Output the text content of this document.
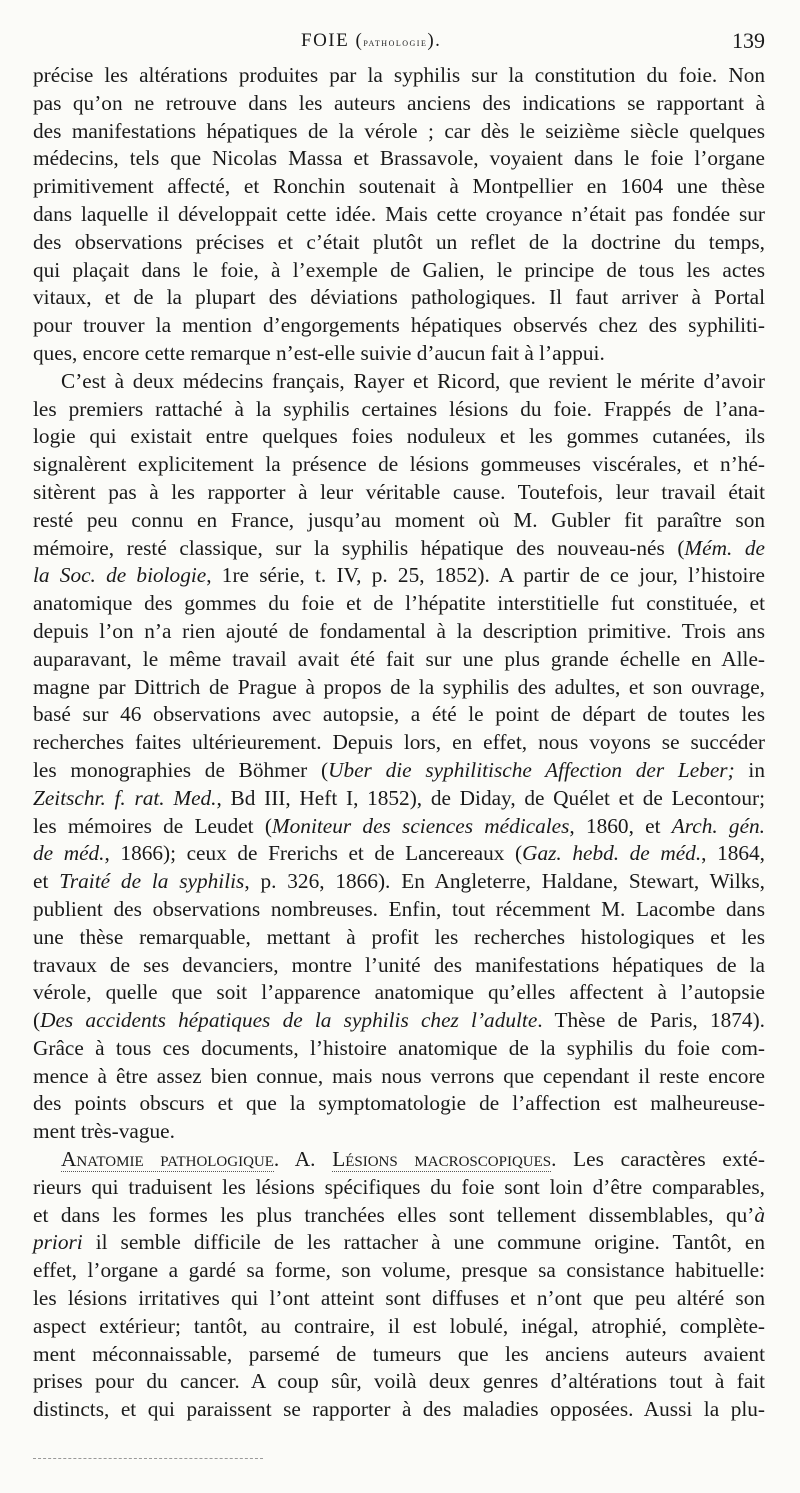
FOIE (pathologie).	139
précise les altérations produites par la syphilis sur la constitution du foie. Non
pas qu’on ne retrouve dans les auteurs anciens des indications se rapportant à
des manifestations hépatiques de la vérole ; car dès le seizième siècle quelques
médecins, tels que Nicolas Massa et Brassavole, voyaient dans le foie l’organe
primitivement affecté, et Ronchin soutenait à Montpellier en 1604 une thèse
dans laquelle il développait cette idée. Mais cette croyance n’était pas fondée sur
des observations précises et c’était plutôt un reflet de la doctrine du temps,
qui plaçait dans le foie, à l’exemple de Galien, le principe de tous les actes
vitaux, et de la plupart des déviations pathologiques. Il faut arriver à Portal
pour trouver la mention d’engorgements hépatiques observés chez des syphiliti-
ques, encore cette remarque n’est-elle suivie d’aucun fait à l’appui.
C’est à deux médecins français, Rayer et Ricord, que revient le mérite d’avoir
les premiers rattaché à la syphilis certaines lésions du foie. Frappés de l’ana-
logie qui existait entre quelques foies noduleux et les gommes cutanées, ils
signalèrent explicitement la présence de lésions gommeuses viscérales, et n’hé-
sitèrent pas à les rapporter à leur véritable cause. Toutefois, leur travail était
resté peu connu en France, jusqu’au moment où M. Gubler fit paraître son
mémoire, resté classique, sur la syphilis hépatique des nouveau-nés (Mém. de
la Soc. de biologie, 1re série, t. IV, p. 25, 1852). A partir de ce jour, l’histoire
anatomique des gommes du foie et de l’hépatite interstitielle fut constituée, et
depuis l’on n’a rien ajouté de fondamental à la description primitive. Trois ans
auparavant, le même travail avait été fait sur une plus grande échelle en Alle-
magne par Dittrich de Prague à propos de la syphilis des adultes, et son ouvrage,
basé sur 46 observations avec autopsie, a été le point de départ de toutes les
recherches faites ultérieurement. Depuis lors, en effet, nous voyons se succéder
les monographies de Böhmer (Uber die syphilitische Affection der Leber; in
Zeitschr. f. rat. Med., Bd III, Heft I, 1852), de Diday, de Quélet et de Lecontour;
les mémoires de Leudet (Moniteur des sciences médicales, 1860, et Arch. gén.
de méd., 1866); ceux de Frerichs et de Lancereaux (Gaz. hebd. de méd., 1864,
et Traité de la syphilis, p. 326, 1866). En Angleterre, Haldane, Stewart, Wilks,
publient des observations nombreuses. Enfin, tout récemment M. Lacombe dans
une thèse remarquable, mettant à profit les recherches histologiques et les
travaux de ses devanciers, montre l’unité des manifestations hépatiques de la
vérole, quelle que soit l’apparence anatomique qu’elles affectent à l’autopsie
(Des accidents hépatiques de la syphilis chez l’adulte. Thèse de Paris, 1874).
Grâce à tous ces documents, l’histoire anatomique de la syphilis du foie com-
mence à être assez bien connue, mais nous verrons que cependant il reste encore
des points obscurs et que la symptomatologie de l’affection est malheureuse-
ment très-vague.
Anatomie pathologique. A. Lésions macroscopiques. Les caractères exté-
rieurs qui traduisent les lésions spécifiques du foie sont loin d’être comparables,
et dans les formes les plus tranchées elles sont tellement dissemblables, qu’à
priori il semble difficile de les rattacher à une commune origine. Tantôt, en
effet, l’organe a gardé sa forme, son volume, presque sa consistance habituelle:
les lésions irritatives qui l’ont atteint sont diffuses et n’ont que peu altéré son
aspect extérieur; tantôt, au contraire, il est lobulé, inégal, atrophié, complète-
ment méconnaissable, parsemé de tumeurs que les anciens auteurs avaient
prises pour du cancer. A coup sûr, voilà deux genres d’altérations tout à fait
distincts, et qui paraissent se rapporter à des maladies opposées. Aussi la plu-
